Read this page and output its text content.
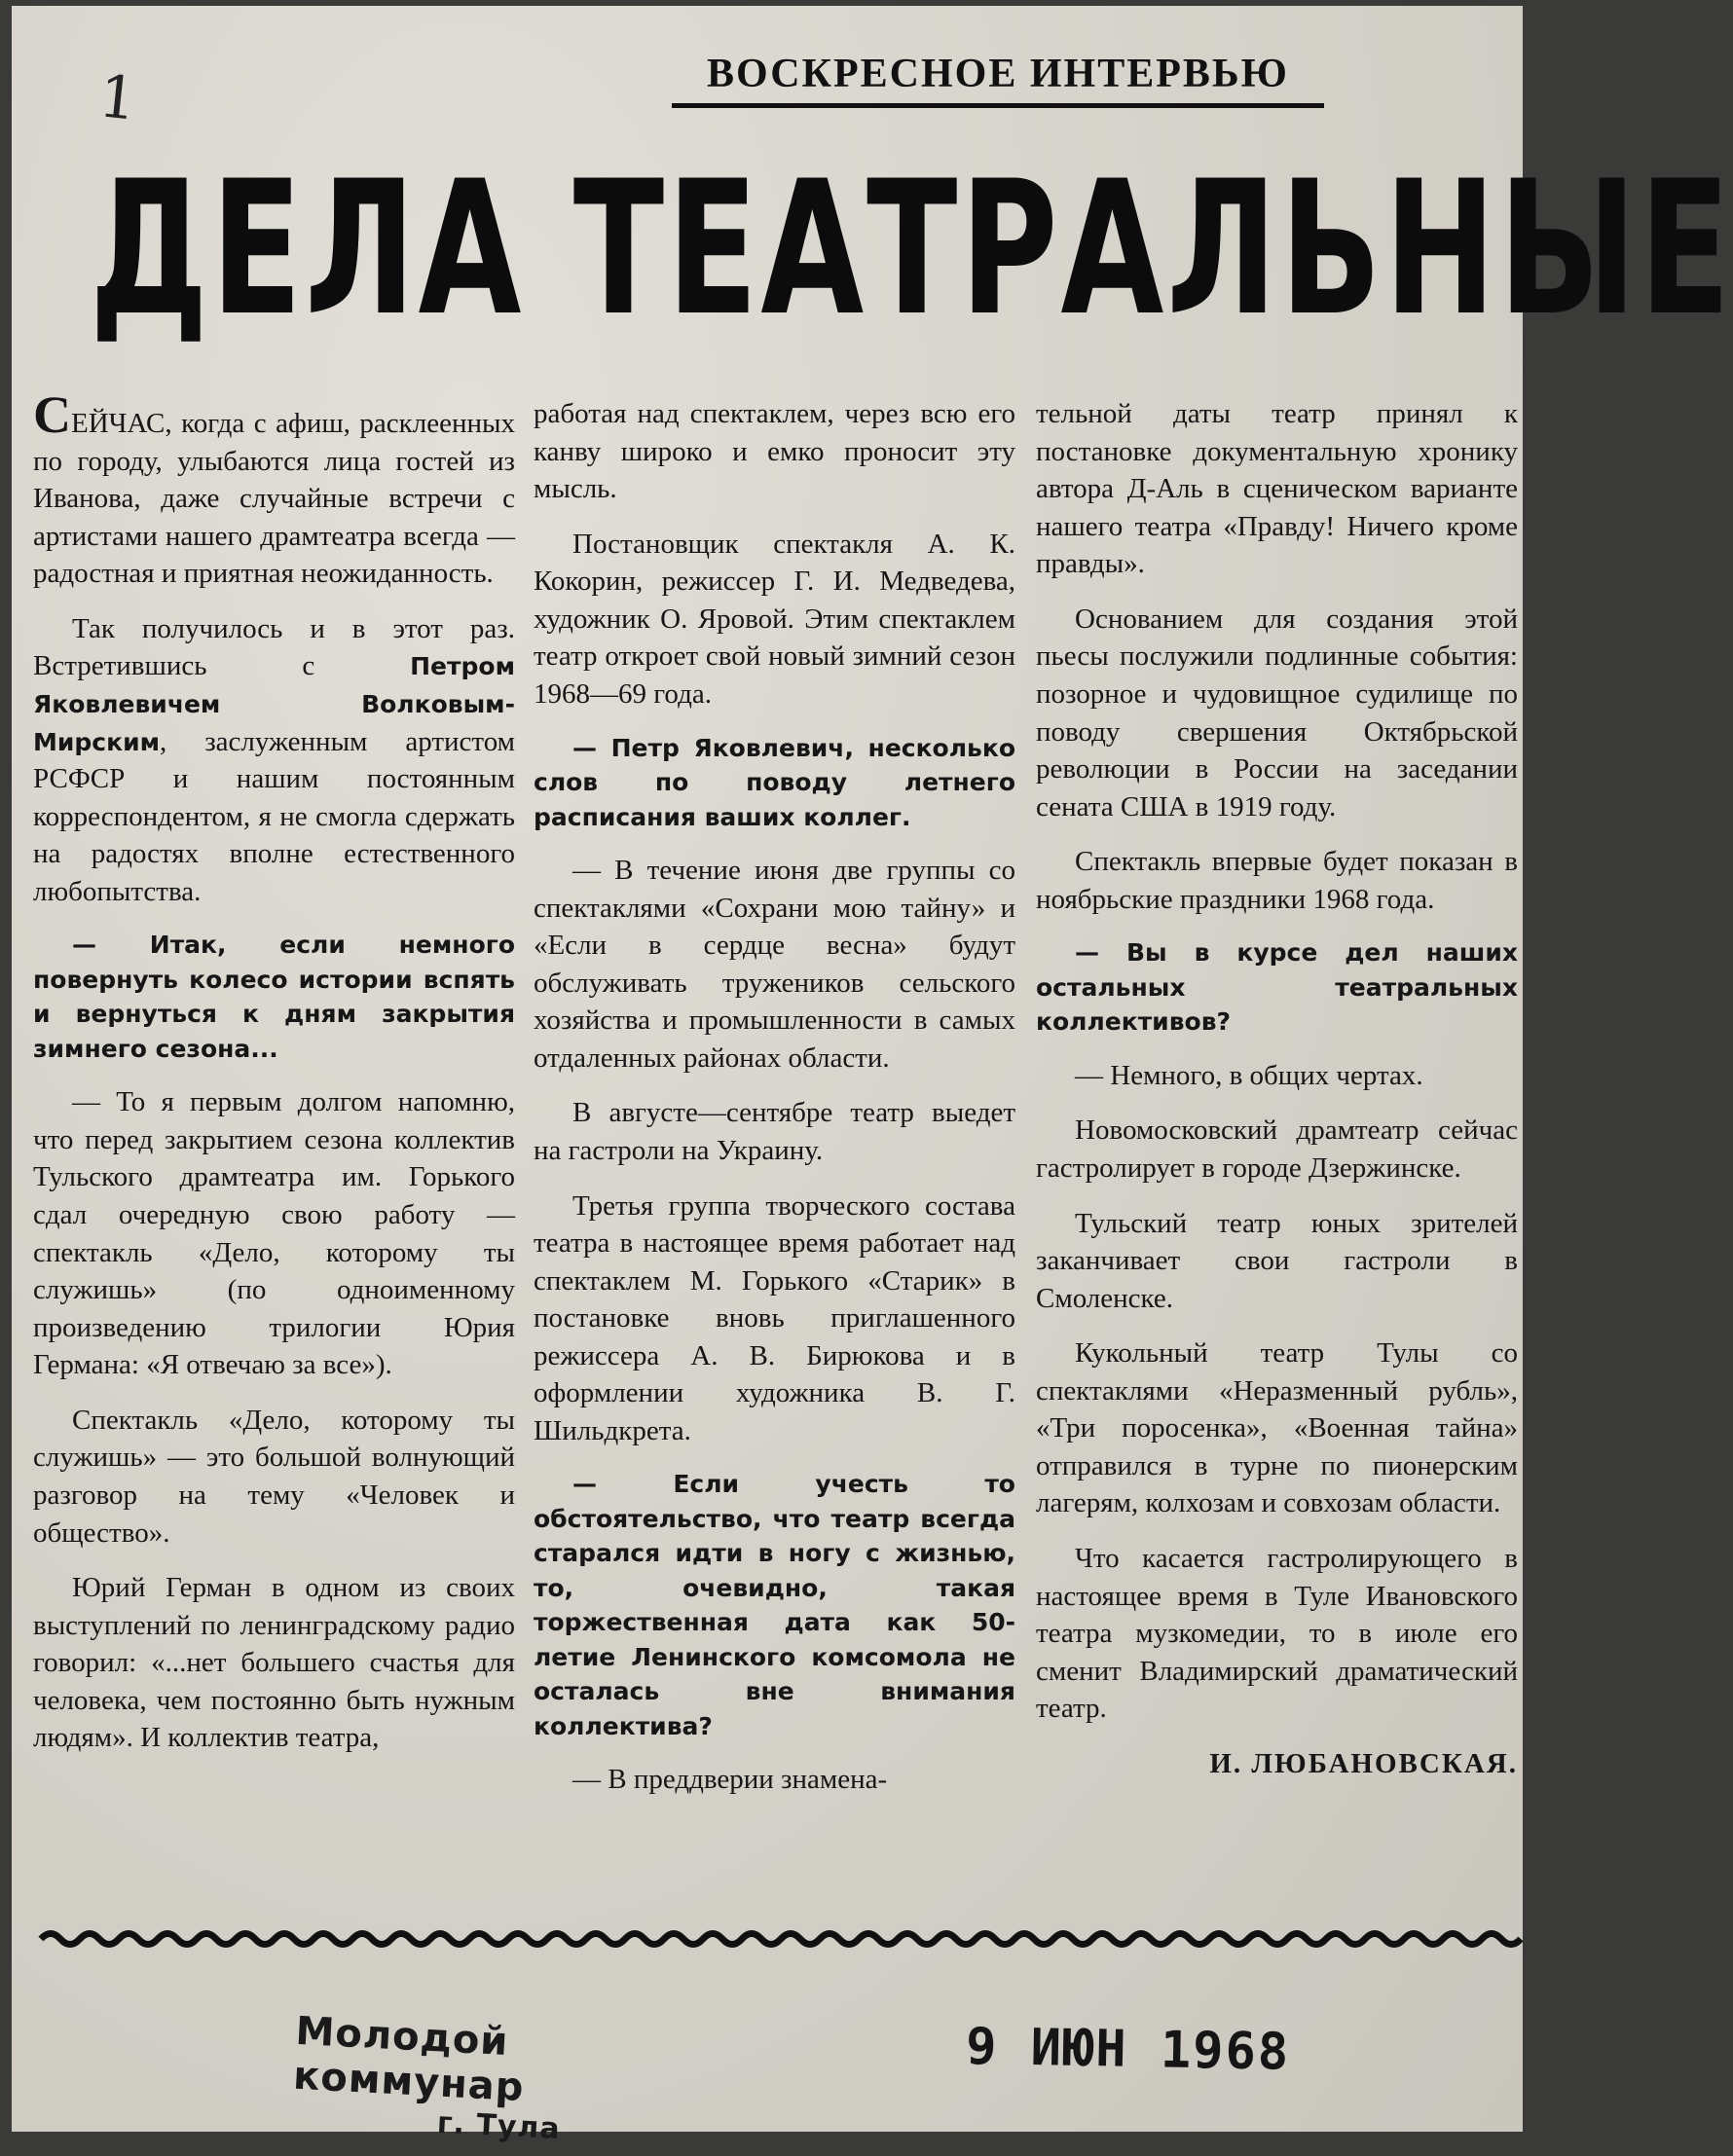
1	ВОСКРЕСНОЕ ИНТЕРВЬЮ
ДЕЛА ТЕАТРАЛЬНЫЕ

СЕЙЧАС, когда с афиш, расклеенных по городу, улыбаются лица гостей из Иванова, даже случайные встречи с артистами нашего драмтеатра всегда — радостная и приятная неожиданность.

Так получилось и в этот раз. Встретившись с Петром Яковлевичем Волковым-Мирским, заслуженным артистом РСФСР и нашим постоянным корреспондентом, я не смогла сдержать на радостях вполне естественного любопытства.

— Итак, если немного повернуть колесо истории вспять и вернуться к дням закрытия зимнего сезона...

— То я первым долгом напомню, что перед закрытием сезона коллектив Тульского драмтеатра им. Горького сдал очередную свою работу — спектакль «Дело, которому ты служишь» (по одноименному произведению трилогии Юрия Германа: «Я отвечаю за все»).

Спектакль «Дело, которому ты служишь» — это большой волнующий разговор на тему «Человек и общество».

Юрий Герман в одном из своих выступлений по ленинградскому радио говорил: «...нет большего счастья для человека, чем постоянно быть нужным людям». И коллектив театра,

работая над спектаклем, через всю его канву широко и емко проносит эту мысль.

Постановщик спектакля А. К. Кокорин, режиссер Г. И. Медведева, художник О. Яровой. Этим спектаклем театр откроет свой новый зимний сезон 1968—69 года.

— Петр Яковлевич, несколько слов по поводу летнего расписания ваших коллег.

— В течение июня две группы со спектаклями «Сохрани мою тайну» и «Если в сердце весна» будут обслуживать тружеников сельского хозяйства и промышленности в самых отдаленных районах области.

В августе—сентябре театр выедет на гастроли на Украину.

Третья группа творческого состава театра в настоящее время работает над спектаклем М. Горького «Старик» в постановке вновь приглашенного режиссера А. В. Бирюкова и в оформлении художника В. Г. Шильдкрета.

— Если учесть то обстоятельство, что театр всегда старался идти в ногу с жизнью, то, очевидно, такая торжественная дата как 50-летие Ленинского комсомола не осталась вне внимания коллектива?

— В преддверии знамена-

тельной даты театр принял к постановке документальную хронику автора Д-Аль в сценическом варианте нашего театра «Правду! Ничего кроме правды».

Основанием для создания этой пьесы послужили подлинные события: позорное и чудовищное судилище по поводу свершения Октябрьской революции в России на заседании сената США в 1919 году.

Спектакль впервые будет показан в ноябрьские праздники 1968 года.

— Вы в курсе дел наших остальных театральных коллективов?

— Немного, в общих чертах.

Новомосковский драмтеатр сейчас гастролирует в городе Дзержинске.

Тульский театр юных зрителей заканчивает свои гастроли в Смоленске.

Кукольный театр Тулы со спектаклями «Неразменный рубль», «Три поросенка», «Военная тайна» отправился в турне по пионерским лагерям, колхозам и совхозам области.

Что касается гастролирующего в настоящее время в Туле Ивановского театра музкомедии, то в июле его сменит Владимирский драматический театр.

И. ЛЮБАНОВСКАЯ.

Молодой коммунар
г. Тула
9 ИЮН 1968
